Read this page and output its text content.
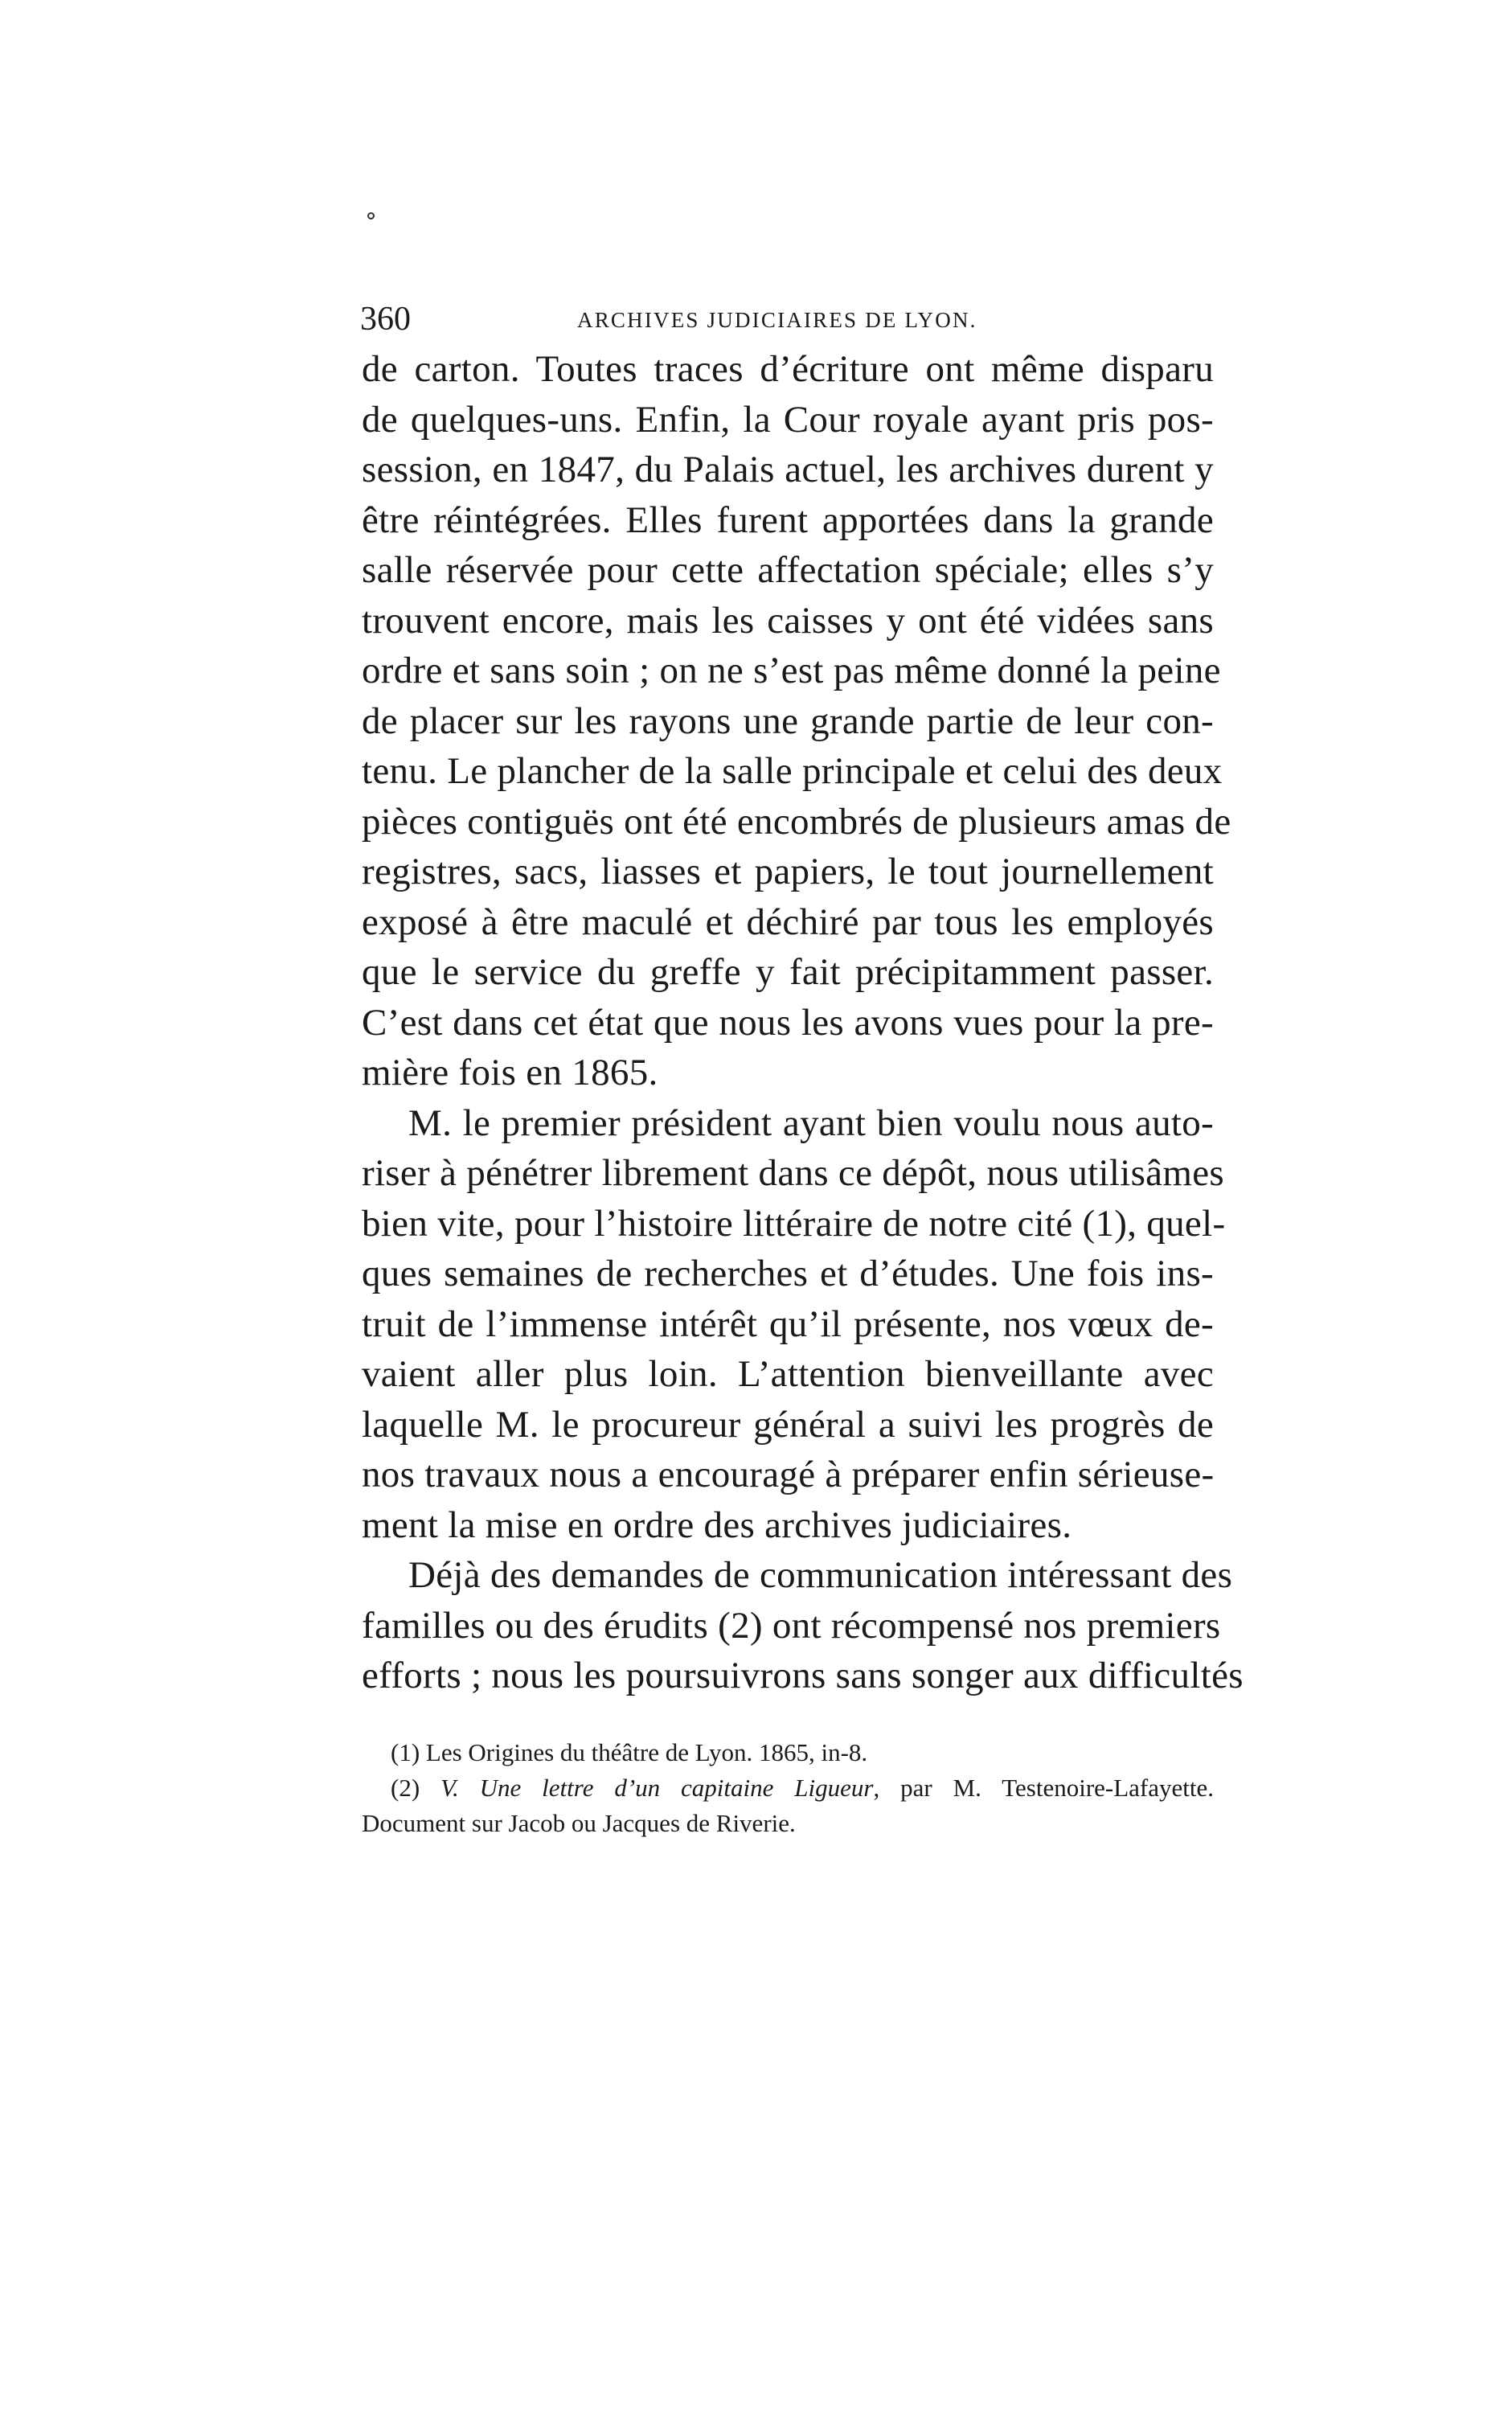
360	ARCHIVES JUDICIAIRES DE LYON.
de carton. Toutes traces d’écriture ont même disparu
de quelques-uns. Enfin, la Cour royale ayant pris pos-
session, en 1847, du Palais actuel, les archives durent y
être réintégrées. Elles furent apportées dans la grande
salle réservée pour cette affectation spéciale; elles s’y
trouvent encore, mais les caisses y ont été vidées sans
ordre et sans soin ; on ne s’est pas même donné la peine
de placer sur les rayons une grande partie de leur con-
tenu. Le plancher de la salle principale et celui des deux
pièces contiguës ont été encombrés de plusieurs amas de
registres, sacs, liasses et papiers, le tout journellement
exposé à être maculé et déchiré par tous les employés
que le service du greffe y fait précipitamment passer.
C’est dans cet état que nous les avons vues pour la pre-
mière fois en 1865.
M. le premier président ayant bien voulu nous auto-
riser à pénétrer librement dans ce dépôt, nous utilisâmes
bien vite, pour l’histoire littéraire de notre cité (1), quel-
ques semaines de recherches et d’études. Une fois ins-
truit de l’immense intérêt qu’il présente, nos vœux de-
vaient aller plus loin. L’attention bienveillante avec
laquelle M. le procureur général a suivi les progrès de
nos travaux nous a encouragé à préparer enfin sérieuse-
ment la mise en ordre des archives judiciaires.
Déjà des demandes de communication intéressant des
familles ou des érudits (2) ont récompensé nos premiers
efforts ; nous les poursuivrons sans songer aux difficultés
(1) Les Origines du théâtre de Lyon. 1865, in-8.
(2) V. Une lettre d’un capitaine Ligueur, par M. Testenoire-Lafayette.
Document sur Jacob ou Jacques de Riverie.
